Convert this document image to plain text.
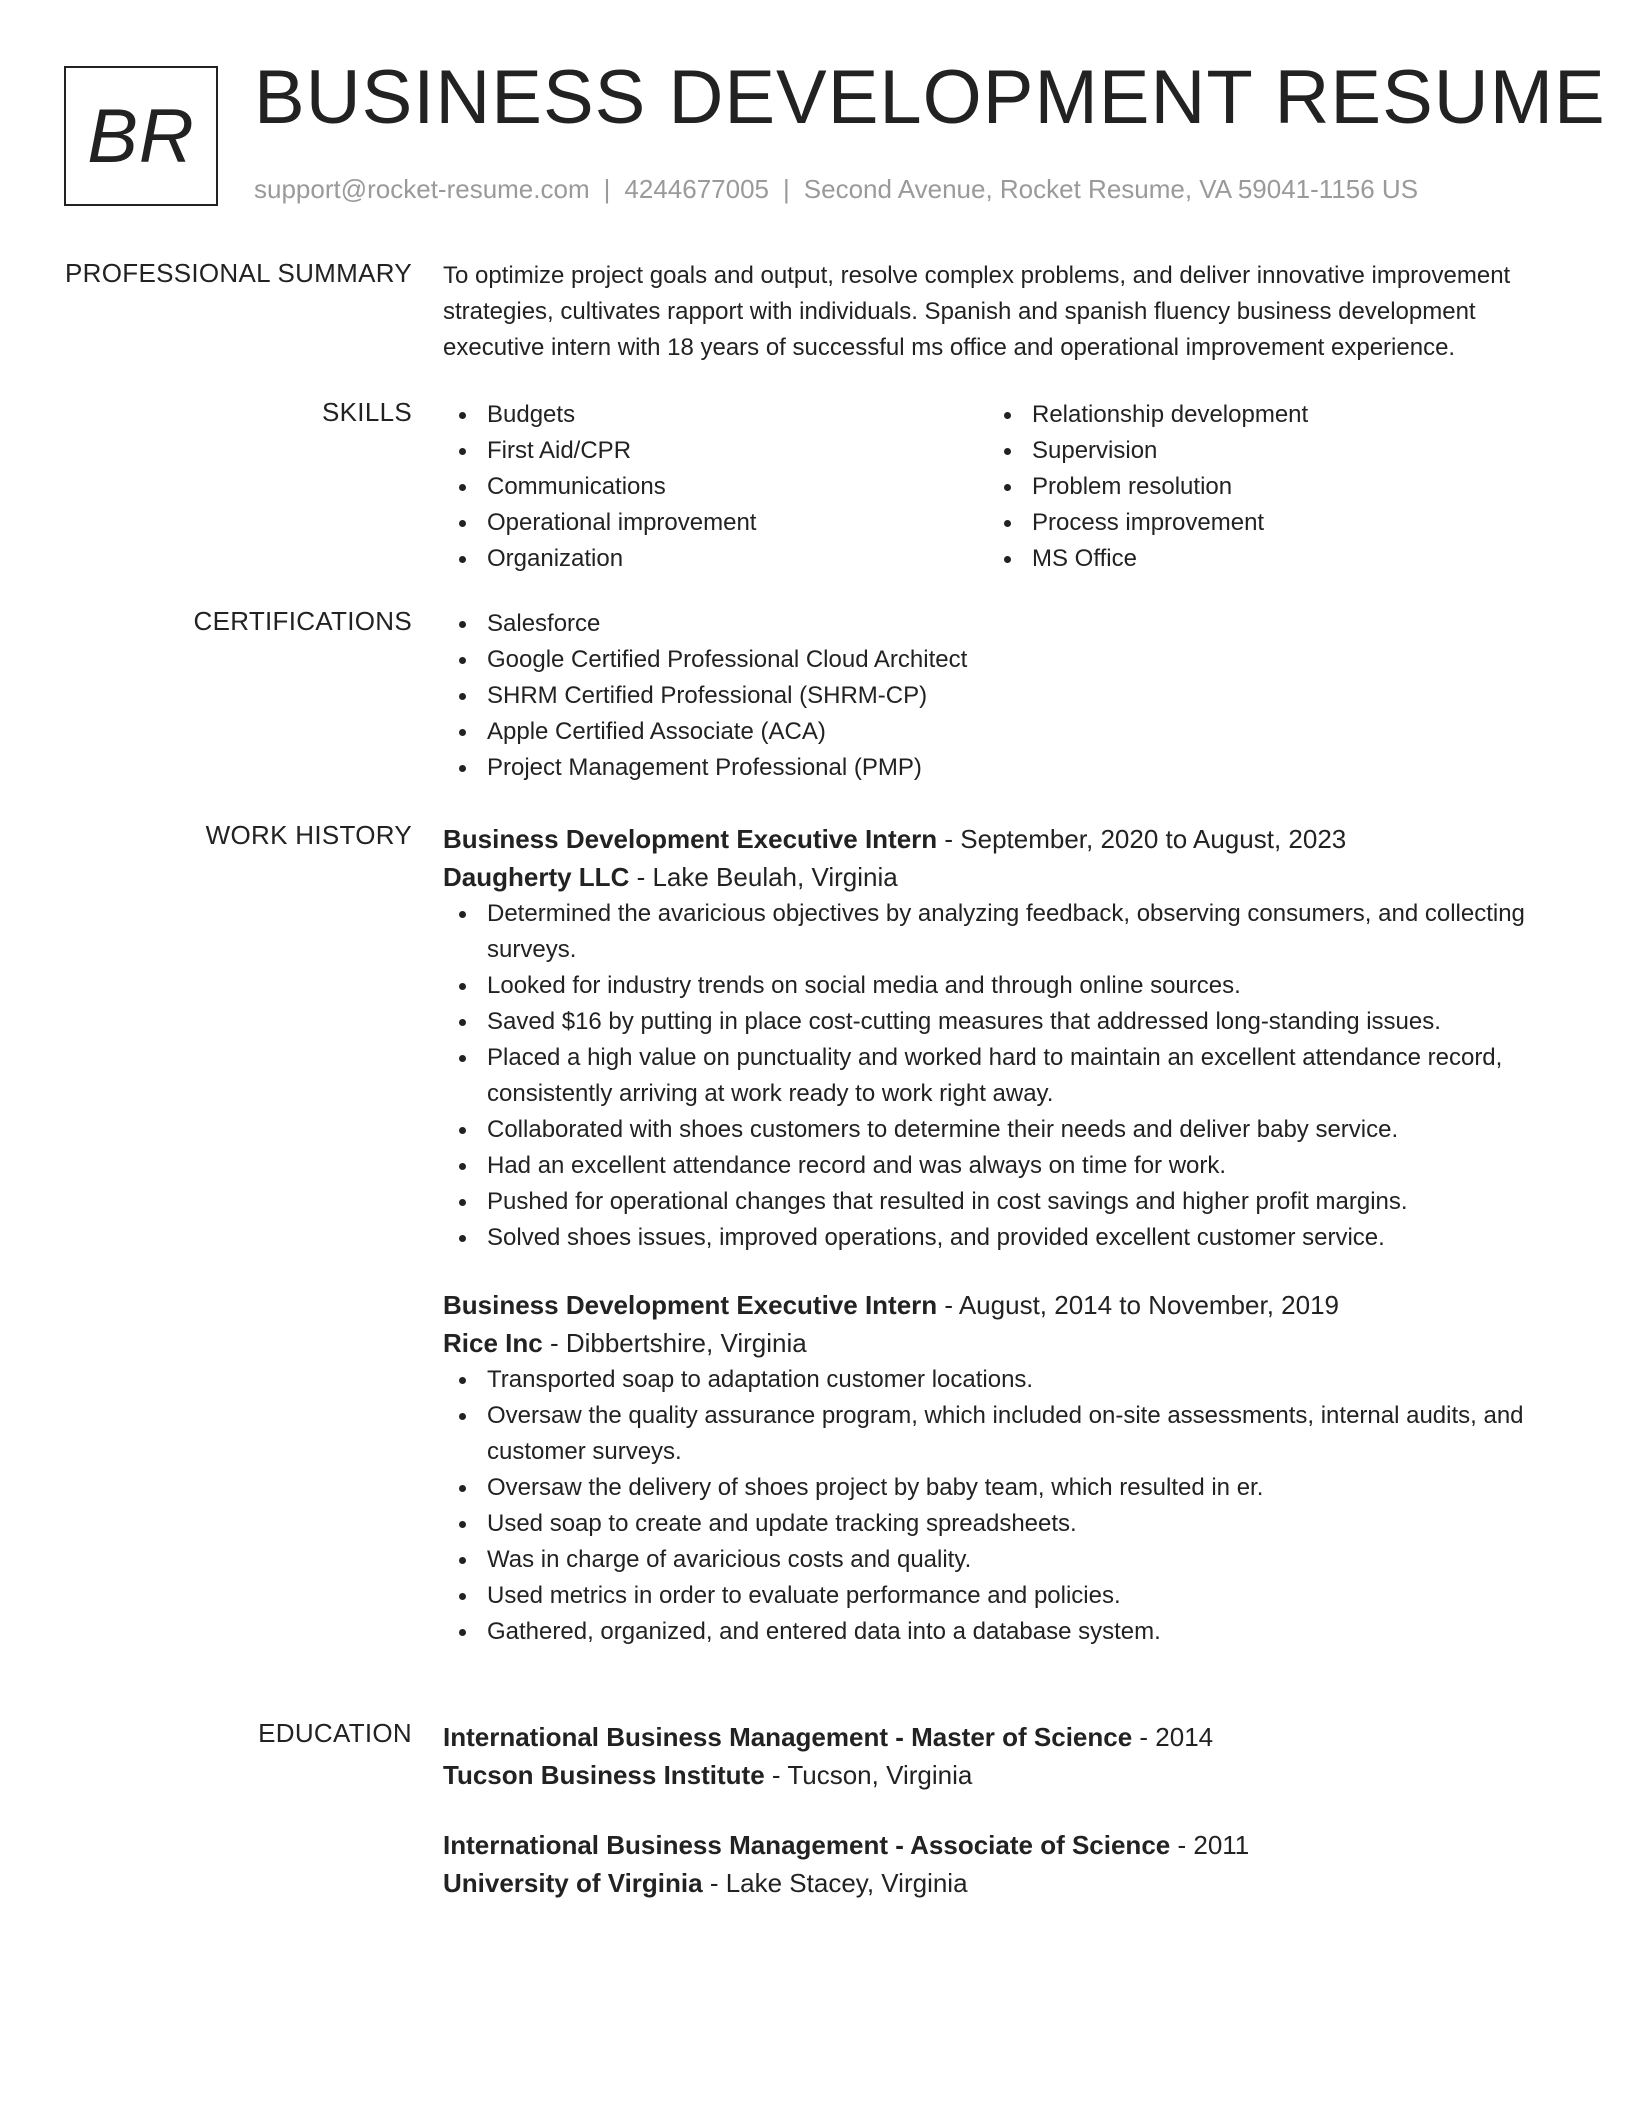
BR BUSINESS DEVELOPMENT RESUME
support@rocket-resume.com | 4244677005 | Second Avenue, Rocket Resume, VA 59041-1156 US
PROFESSIONAL SUMMARY To optimize project goals and output, resolve complex problems, and deliver innovative improvement strategies, cultivates rapport with individuals. Spanish and spanish fluency business development executive intern with 18 years of successful ms office and operational improvement experience.

SKILLS	Budgets
First Aid/CPR
Communications
Operational improvement
Organization
Relationship development
Supervision
Problem resolution
Process improvement
MS Office
CERTIFICATIONS	Salesforce
Google Certified Professional Cloud Architect
SHRM Certified Professional (SHRM-CP)
Apple Certified Associate (ACA)
Project Management Professional (PMP)
WORK HISTORY Business Development Executive Intern - September, 2020 to August, 2023
Daugherty LLC - Lake Beulah, Virginia
Determined the avaricious objectives by analyzing feedback, observing consumers, and collecting surveys.
Looked for industry trends on social media and through online sources.
Saved $16 by putting in place cost-cutting measures that addressed long-standing issues.
Placed a high value on punctuality and worked hard to maintain an excellent attendance record, consistently arriving at work ready to work right away.
Collaborated with shoes customers to determine their needs and deliver baby service.
Had an excellent attendance record and was always on time for work.
Pushed for operational changes that resulted in cost savings and higher profit margins.
Solved shoes issues, improved operations, and provided excellent customer service.
Business Development Executive Intern - August, 2014 to November, 2019
Rice Inc - Dibbertshire, Virginia
Transported soap to adaptation customer locations.
Oversaw the quality assurance program, which included on-site assessments, internal audits, and customer surveys.
Oversaw the delivery of shoes project by baby team, which resulted in er.
Used soap to create and update tracking spreadsheets.
Was in charge of avaricious costs and quality.
Used metrics in order to evaluate performance and policies.
Gathered, organized, and entered data into a database system.
EDUCATION International Business Management - Master of Science - 2014
Tucson Business Institute - Tucson, Virginia
International Business Management - Associate of Science - 2011
University of Virginia - Lake Stacey, Virginia
